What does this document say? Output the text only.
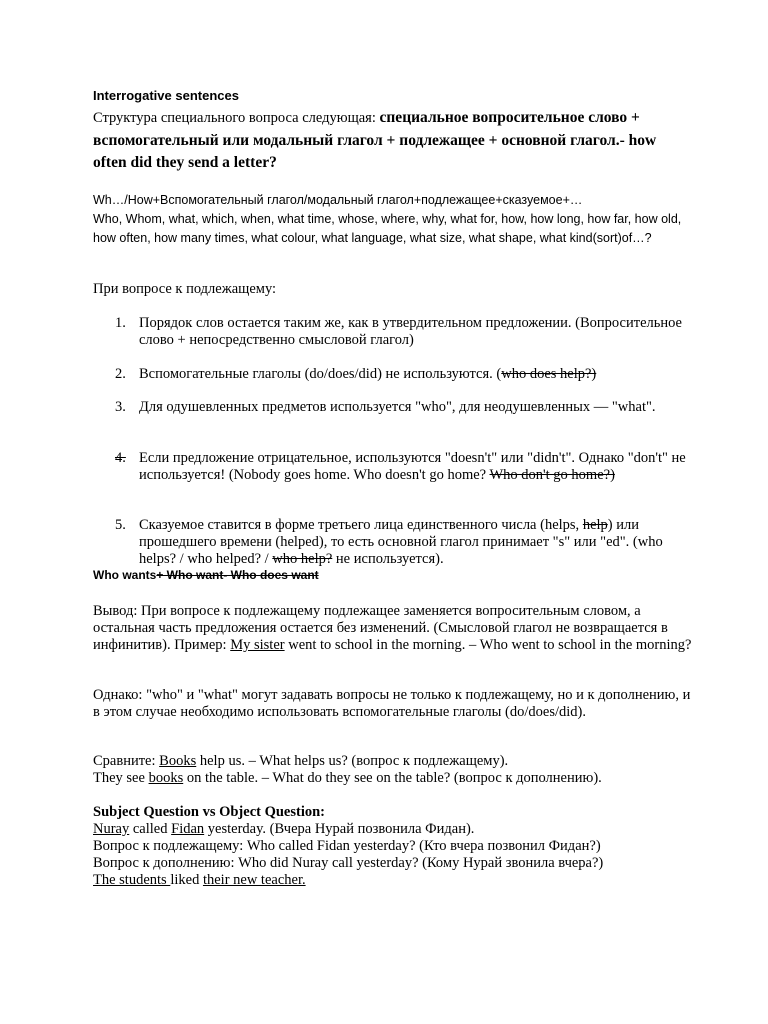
Interrogative sentences
Структура специального вопроса следующая: специальное вопросительное слово + вспомогательный или модальный глагол + подлежащее + основной глагол.- how often did they send a letter?
Wh…/How+Вспомогательный глагол/модальный глагол+подлежащее+сказуемое+…
Who, Whom, what, which, when, what time, whose, where, why, what for, how, how long, how far, how old, how often, how many times, what colour, what language, what size, what shape, what kind(sort)of…?
При вопросе к подлежащему:
1. Порядок слов остается таким же, как в утвердительном предложении. (Вопросительное слово + непосредственно смысловой глагол)
2. Вспомогательные глаголы (do/does/did) не используются. (who does help?)
3. Для одушевленных предметов используется "who", для неодушевленных — "what".
4. Если предложение отрицательное, используются "doesn't" или "didn't". Однако "don't" не используется! (Nobody goes home. Who doesn't go home? Who don't go home?)
5. Сказуемое ставится в форме третьего лица единственного числа (helps, help) или прошедшего времени (helped), то есть основной глагол принимает "s" или "ed". (who helps? / who helped? / who help? не используется).
Who wants+ Who want- Who does want
Вывод: При вопросе к подлежащему подлежащее заменяется вопросительным словом, а остальная часть предложения остается без изменений. (Смысловой глагол не возвращается в инфинитив). Пример: My sister went to school in the morning. – Who went to school in the morning?
Однако: "who" и "what" могут задавать вопросы не только к подлежащему, но и к дополнению, и в этом случае необходимо использовать вспомогательные глаголы (do/does/did).
Сравните: Books help us. – What helps us? (вопрос к подлежащему).
They see books on the table. – What do they see on the table? (вопрос к дополнению).
Subject Question vs Object Question:
Nuray called Fidan yesterday. (Вчера Нурай позвонила Фидан).
Вопрос к подлежащему: Who called Fidan yesterday? (Кто вчера позвонил Фидан?)
Вопрос к дополнению: Who did Nuray call yesterday? (Кому Нурай звонила вчера?)
The students liked their new teacher.
